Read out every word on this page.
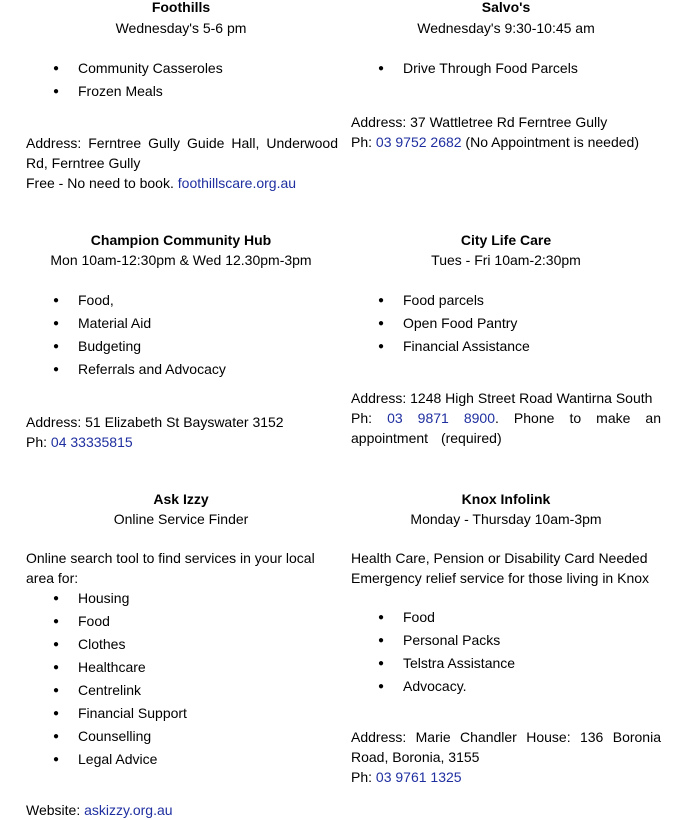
Foothills
Wednesday's 5-6 pm
● Community Casseroles
● Frozen Meals
Address: Ferntree Gully Guide Hall, Underwood Rd, Ferntree Gully
Free - No need to book. foothillscare.org.au
Salvo's
Wednesday's 9:30-10:45 am
● Drive Through Food Parcels
Address: 37 Wattletree Rd Ferntree Gully
Ph: 03 9752 2682 (No Appointment is needed)
Champion Community Hub
Mon 10am-12:30pm & Wed 12.30pm-3pm
● Food,
● Material Aid
● Budgeting
● Referrals and Advocacy
Address: 51 Elizabeth St Bayswater 3152
Ph: 04 33335815
City Life Care
Tues - Fri 10am-2:30pm
● Food parcels
● Open Food Pantry
● Financial Assistance
Address: 1248 High Street Road Wantirna South
Ph: 03 9871 8900. Phone to make an appointment (required)
Ask Izzy
Online Service Finder
Online search tool to find services in your local area for:
● Housing
● Food
● Clothes
● Healthcare
● Centrelink
● Financial Support
● Counselling
● Legal Advice
Website: askizzy.org.au
Knox Infolink
Monday - Thursday 10am-3pm
Health Care, Pension or Disability Card Needed
Emergency relief service for those living in Knox
● Food
● Personal Packs
● Telstra Assistance
● Advocacy.
Address: Marie Chandler House: 136 Boronia Road, Boronia, 3155
Ph: 03 9761 1325
